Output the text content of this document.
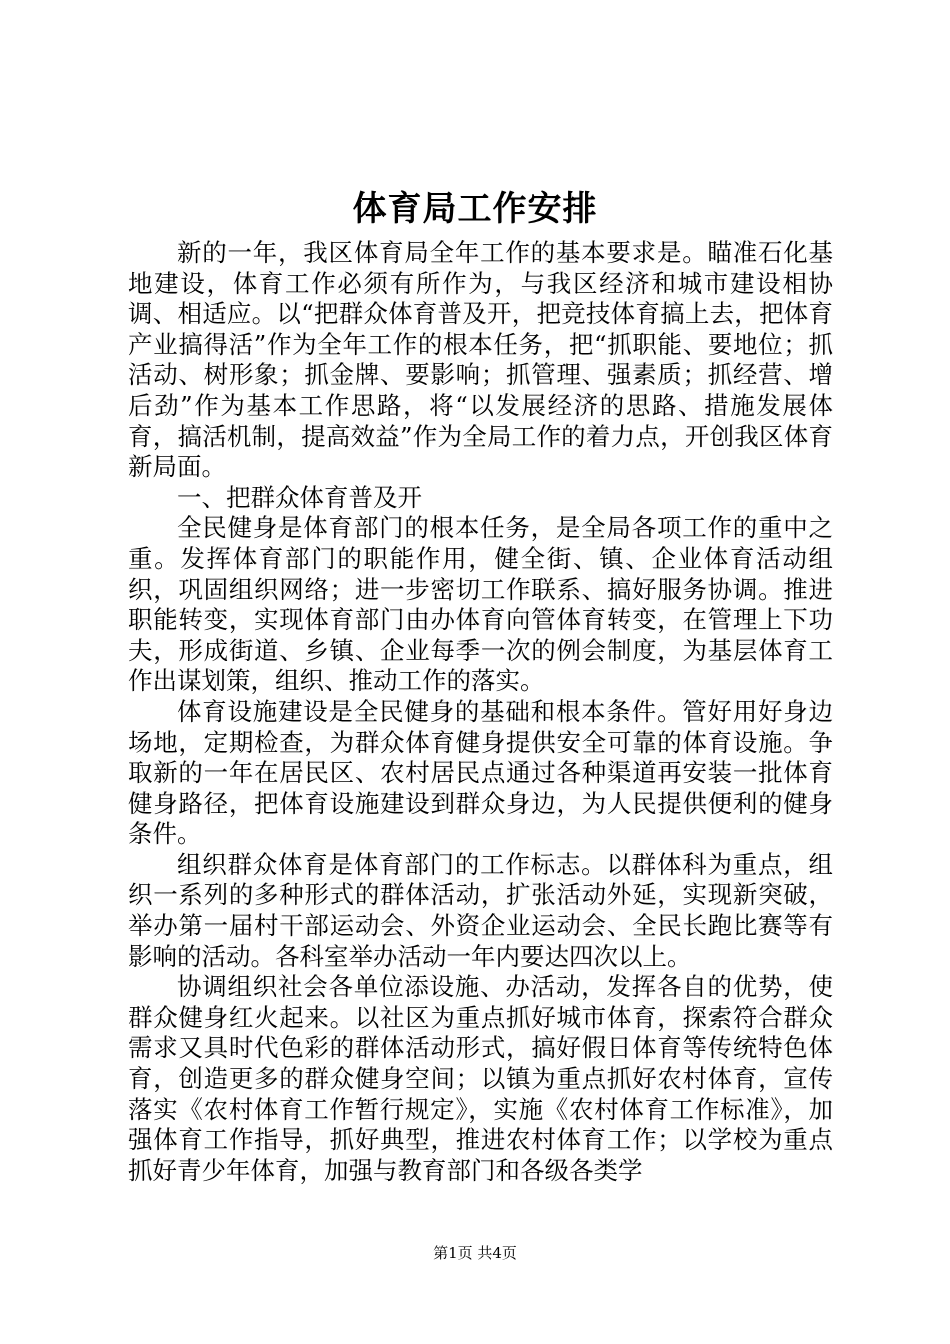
体育局工作安排

新的一年，我区体育局全年工作的基本要求是。瞄准石化基地建设，体育工作必须有所作为，与我区经济和城市建设相协调、相适应。以“把群众体育普及开，把竞技体育搞上去，把体育产业搞得活”作为全年工作的根本任务，把“抓职能、要地位；抓活动、树形象；抓金牌、要影响；抓管理、强素质；抓经营、增后劲”作为基本工作思路，将“以发展经济的思路、措施发展体育，搞活机制，提高效益”作为全局工作的着力点，开创我区体育新局面。

一、把群众体育普及开

全民健身是体育部门的根本任务，是全局各项工作的重中之重。发挥体育部门的职能作用，健全街、镇、企业体育活动组织，巩固组织网络；进一步密切工作联系、搞好服务协调。推进职能转变，实现体育部门由办体育向管体育转变，在管理上下功夫，形成街道、乡镇、企业每季一次的例会制度，为基层体育工作出谋划策，组织、推动工作的落实。

体育设施建设是全民健身的基础和根本条件。管好用好身边场地，定期检查，为群众体育健身提供安全可靠的体育设施。争取新的一年在居民区、农村居民点通过各种渠道再安装一批体育健身路径，把体育设施建设到群众身边，为人民提供便利的健身条件。

组织群众体育是体育部门的工作标志。以群体科为重点，组织一系列的多种形式的群体活动，扩张活动外延，实现新突破，举办第一届村干部运动会、外资企业运动会、全民长跑比赛等有影响的活动。各科室举办活动一年内要达四次以上。

协调组织社会各单位添设施、办活动，发挥各自的优势，使群众健身红火起来。以社区为重点抓好城市体育，探索符合群众需求又具时代色彩的群体活动形式，搞好假日体育等传统特色体育，创造更多的群众健身空间；以镇为重点抓好农村体育，宣传落实《农村体育工作暂行规定》，实施《农村体育工作标准》，加强体育工作指导，抓好典型，推进农村体育工作；以学校为重点抓好青少年体育，加强与教育部门和各级各类学

第1页 共4页
